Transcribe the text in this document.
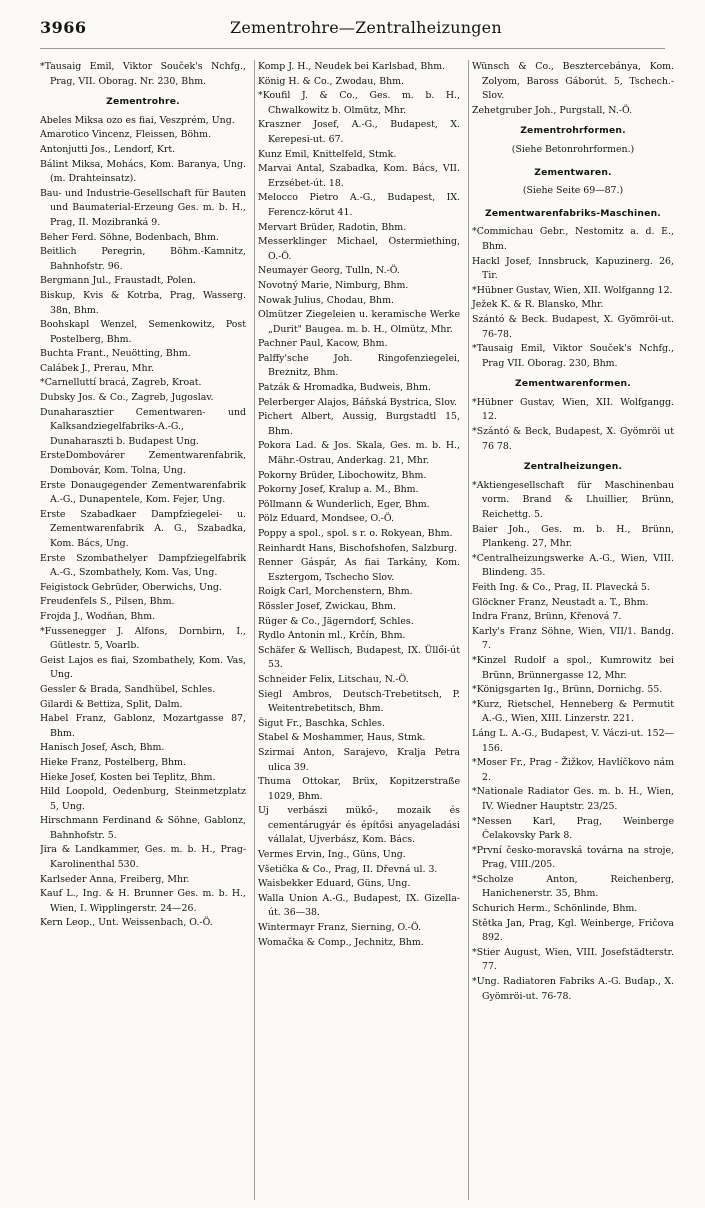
3966	Zementrohre—Zentralheizungen

*Tausaig Emil, Viktor Souček's Nchfg., Prag, VII. Oborag. Nr. 230, Bhm.

Zementrohre.

Abeles Miksa ozo es fiai, Veszprém, Ung.

Amarotico Vincenz, Fleissen, Böhm.

Antonjutti Jos., Lendorf, Krt.

Bálint Miksa, Mohács, Kom. Baranya, Ung. (m. Drahteinsatz).

Bau- und Industrie-Gesellschaft für Bauten und Baumaterial-Erzeung Ges. m. b. H., Prag, II. Mozibranká 9.

Beher Ferd. Söhne, Bodenbach, Bhm.

Beitlich Peregrin, Böhm.-Kamnitz, Bahnhofstr. 96.

Bergmann Jul., Fraustadt, Polen.

Biskup, Kvis & Kotrba, Prag, Wasserg. 38n, Bhm.

Boohskapl Wenzel, Semenkowitz, Post Postelberg, Bhm.

Buchta Frant., Neuötting, Bhm.

Calábek J., Prerau, Mhr.

*Carnelluttí bracá, Zagreb, Kroat.

Dubsky Jos. & Co., Zagreb, Jugoslav.

Dunaharasztier Cementwaren- und Kalksandziegelfabriks-A.-G., Dunaharaszti b. Budapest Ung.

ErsteDombovárer Zementwarenfabrik, Dombovár, Kom. Tolna, Ung.

Erste Donaugegender Zementwarenfabrik A.-G., Dunapentele, Kom. Fejer, Ung.

Erste Szabadkaer Dampfziegelei- u. Zementwarenfabrik A. G., Szabadka, Kom. Bács, Ung.

Erste Szombathelyer Dampfziegelfabrik A.-G., Szombathely, Kom. Vas, Ung.

Feigistock Gebrüder, Oberwichs, Ung.

Freudenfels S., Pilsen, Bhm.

Frojda J., Wodňan, Bhm.

*Fussenegger J. Alfons, Dornbirn, I., Gütlestr. 5, Voarlb.

Geist Lajos es fiai, Szombathely, Kom. Vas, Ung.

Gessler & Brada, Sandhübel, Schles.

Gilardi & Bettiza, Split, Dalm.

Habel Franz, Gablonz, Mozartgasse 87, Bhm.

Hanisch Josef, Asch, Bhm.

Hieke Franz, Postelberg, Bhm.

Hieke Josef, Kosten bei Teplitz, Bhm.

Hild Loopold, Oedenburg, Steinmetzplatz 5, Ung.

Hirschmann Ferdinand & Söhne, Gablonz, Bahnhofstr. 5.

Jira & Landkammer, Ges. m. b. H., Prag-Karolinenthal 530.

Karlseder Anna, Freiberg, Mhr.

Kauf L., Ing. & H. Brunner Ges. m. b. H., Wien, I. Wipplingerstr. 24—26.

Kern Leop., Unt. Weissenbach, O.-Ö.

Komp J. H., Neudek bei Karlsbad, Bhm.

König H. & Co., Zwodau, Bhm.

*Koufil J. & Co., Ges. m. b. H., Chwalkowitz b. Olmütz, Mhr.

Kraszner Josef, A.-G., Budapest, X. Kerepesi-ut. 67.

Kunz Emil, Knittelfeld, Stmk.

Marvai Antal, Szabadka, Kom. Bács, VII. Erzsébet-út. 18.

Melocco Pietro A.-G., Budapest, IX. Ferencz-körut 41.

Mervart Brüder, Radotin, Bhm.

Messerklinger Michael, Ostermiething, O.-Ö.

Neumayer Georg, Tulln, N.-Ö.

Novotný Marie, Nimburg, Bhm.

Nowak Julius, Chodau, Bhm.

Olmützer Ziegeleien u. keramische Werke „Durit" Baugea. m. b. H., Olmütz, Mhr.

Pachner Paul, Kacow, Bhm.

Palffy'sche Joh. Ringofenziegelei, Breznitz, Bhm.

Patzák & Hromadka, Budweis, Bhm.

Pelerberger Alajos, Báňská Bystrica, Slov.

Pichert Albert, Aussig, Burgstadtl 15, Bhm.

Pokora Lad. & Jos. Skala, Ges. m. b. H., Mähr.-Ostrau, Anderkag. 21, Mhr.

Pokorny Brüder, Libochowitz, Bhm.

Pokorny Josef, Kralup a. M., Bhm.

Pöllmann & Wunderlich, Eger, Bhm.

Pölz Eduard, Mondsee, O.-Ö.

Poppy a spol., spol. s r. o. Rokyean, Bhm.

Reinhardt Hans, Bischofshofen, Salzburg.

Renner Gáspár, As fiai Tarkány, Kom. Esztergom, Tschecho Slov.

Roigk Carl, Morchenstern, Bhm.

Rössler Josef, Zwickau, Bhm.

Rüger & Co., Jägerndorf, Schles.

Rydlo Antonin ml., Krčín, Bhm.

Schäfer & Wellisch, Budapest, IX. Üllői-út 53.

Schneider Felix, Litschau, N.-Ö.

Siegl Ambros, Deutsch-Trebetitsch, P. Weitentrebetitsch, Bhm.

Šigut Fr., Baschka, Schles.

Stabel & Moshammer, Haus, Stmk.

Szirmai Anton, Sarajevo, Kralja Petra ulica 39.

Thuma Ottokar, Brüx, Kopitzerstraße 1029, Bhm.

Uj verbászi mükő-, mozaik és cementárugyár és építősi anyageladási vállalat, Ujverbász, Kom. Bács.

Vermes Ervin, Ing., Güns, Ung.

Všetička & Co., Prag, II. Dřevná ul. 3.

Waisbekker Eduard, Güns, Ung.

Walla Union A.-G., Budapest, IX. Gizella-út. 36—38.

Wintermayr Franz, Sierning, O.-Ö.

Womačka & Comp., Jechnitz, Bhm.

Wünsch & Co., Besztercebánya, Kom. Zolyom, Baross Gáborút. 5, Tschech.-Slov.

Zehetgruber Joh., Purgstall, N.-Ö.

Zementrohrformen.

(Siehe Betonrohrformen.)

Zementwaren.

(Siehe Seite 69—87.)

Zementwarenfabriks-Maschinen.

*Commichau Gebr., Nestomitz a. d. E., Bhm.

Hackl Josef, Innsbruck, Kapuzinerg. 26, Tir.

*Hübner Gustav, Wien, XII. Wolfganng 12.

Ježek K. & R. Blansko, Mhr.

Szántó & Beck. Budapest, X. Gyömröi-ut. 76-78.

*Tausaig Emil, Viktor Souček's Nchfg., Prag VII. Oborag. 230, Bhm.

Zementwarenformen.

*Hübner Gustav, Wien, XII. Wolfgangg. 12.

*Szántó & Beck, Budapest, X. Gyömröi ut 76 78.

Zentralheizungen.

*Aktiengesellschaft für Maschinenbau vorm. Brand & Lhuillier, Brünn, Reichettg. 5.

Baier Joh., Ges. m. b. H., Brünn, Plankeng. 27, Mhr.

*Centralheizungswerke A.-G., Wien, VIII. Blindeng. 35.

Feith Ing. & Co., Prag, II. Plavecká 5.

Glöckner Franz, Neustadt a. T., Bhm.

Indra Franz, Brünn, Křenová 7.

Karly's Franz Söhne, Wien, VII/1. Bandg. 7.

*Kinzel Rudolf a spol., Kumrowitz bei Brünn, Brünnergasse 12, Mhr.

*Königsgarten Ig., Brünn, Dornichg. 55.

*Kurz, Rietschel, Henneberg & Permutit A.-G., Wien, XIII. Linzerstr. 221.

Láng L. A.-G., Budapest, V. Váczi-ut. 152—156.

*Moser Fr., Prag - Žižkov, Havlíčkovo nám 2.

*Nationale Radiator Ges. m. b. H., Wien, IV. Wiedner Hauptstr. 23/25.

*Nessen Karl, Prag, Weinberge Čelakovsky Park 8.

*První česko-moravská továrna na stroje, Prag, VIII./205.

*Scholze Anton, Reichenberg, Hanichenerstr. 35, Bhm.

Schurich Herm., Schönlinde, Bhm.

Stětka Jan, Prag, Kgl. Weinberge, Fričova 892.

*Stier August, Wien, VIII. Josefstädterstr. 77.

*Ung. Radiatoren Fabriks A.-G. Budap., X. Gyömröi-ut. 76-78.
